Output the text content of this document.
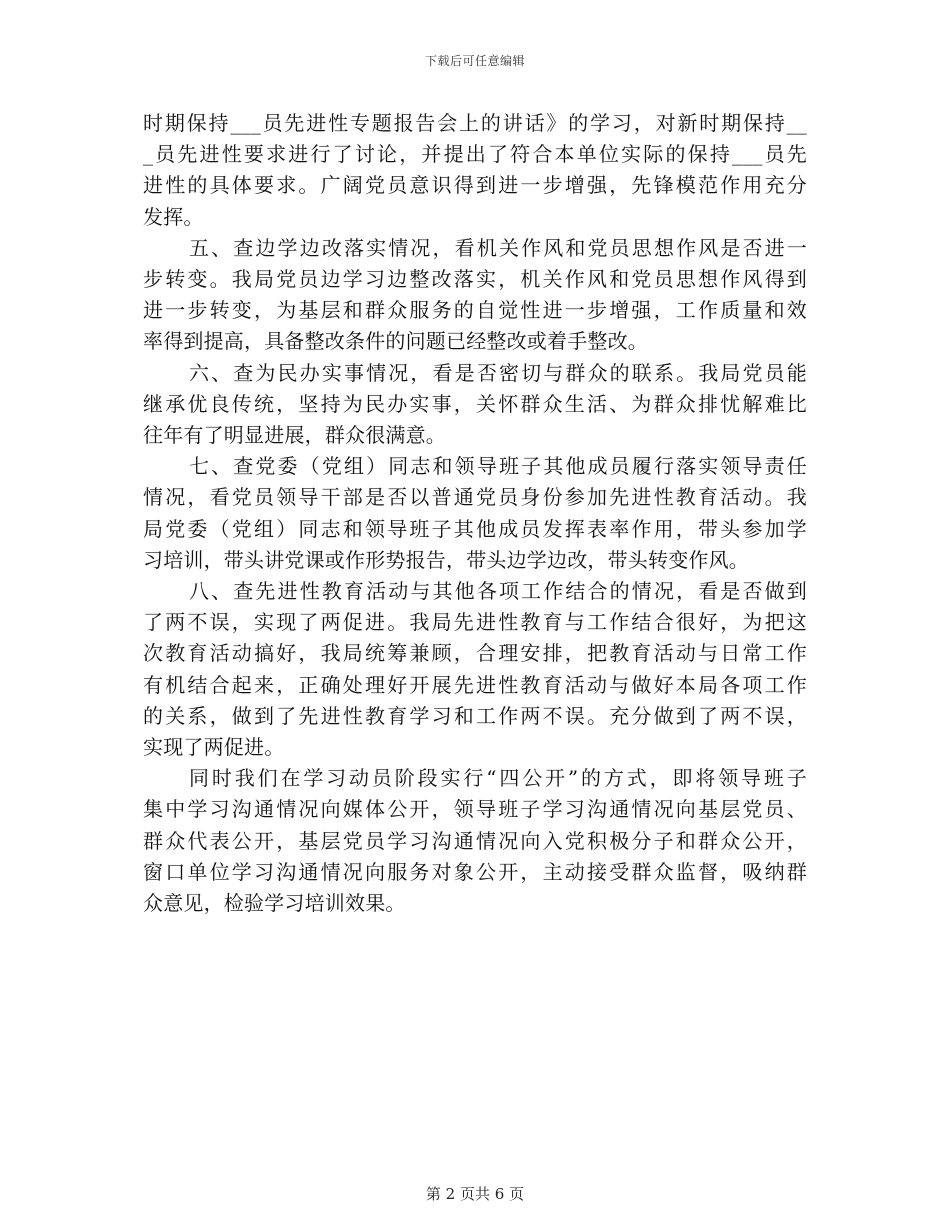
下载后可任意编辑
时期保持___员先进性专题报告会上的讲话》的学习，对新时期保持__
_员先进性要求进行了讨论，并提出了符合本单位实际的保持___员先
进性的具体要求。广阔党员意识得到进一步增强，先锋模范作用充分
发挥。
五、查边学边改落实情况，看机关作风和党员思想作风是否进一
步转变。我局党员边学习边整改落实，机关作风和党员思想作风得到
进一步转变，为基层和群众服务的自觉性进一步增强，工作质量和效
率得到提高，具备整改条件的问题已经整改或着手整改。
六、查为民办实事情况，看是否密切与群众的联系。我局党员能
继承优良传统，坚持为民办实事，关怀群众生活、为群众排忧解难比
往年有了明显进展，群众很满意。
七、查党委（党组）同志和领导班子其他成员履行落实领导责任
情况，看党员领导干部是否以普通党员身份参加先进性教育活动。我
局党委（党组）同志和领导班子其他成员发挥表率作用，带头参加学
习培训，带头讲党课或作形势报告，带头边学边改，带头转变作风。
八、查先进性教育活动与其他各项工作结合的情况，看是否做到
了两不误，实现了两促进。我局先进性教育与工作结合很好，为把这
次教育活动搞好，我局统筹兼顾，合理安排，把教育活动与日常工作
有机结合起来，正确处理好开展先进性教育活动与做好本局各项工作
的关系，做到了先进性教育学习和工作两不误。充分做到了两不误，
实现了两促进。
同时我们在学习动员阶段实行“四公开”的方式，即将领导班子
集中学习沟通情况向媒体公开，领导班子学习沟通情况向基层党员、
群众代表公开，基层党员学习沟通情况向入党积极分子和群众公开，
窗口单位学习沟通情况向服务对象公开，主动接受群众监督，吸纳群
众意见，检验学习培训效果。
第 2 页共 6 页
